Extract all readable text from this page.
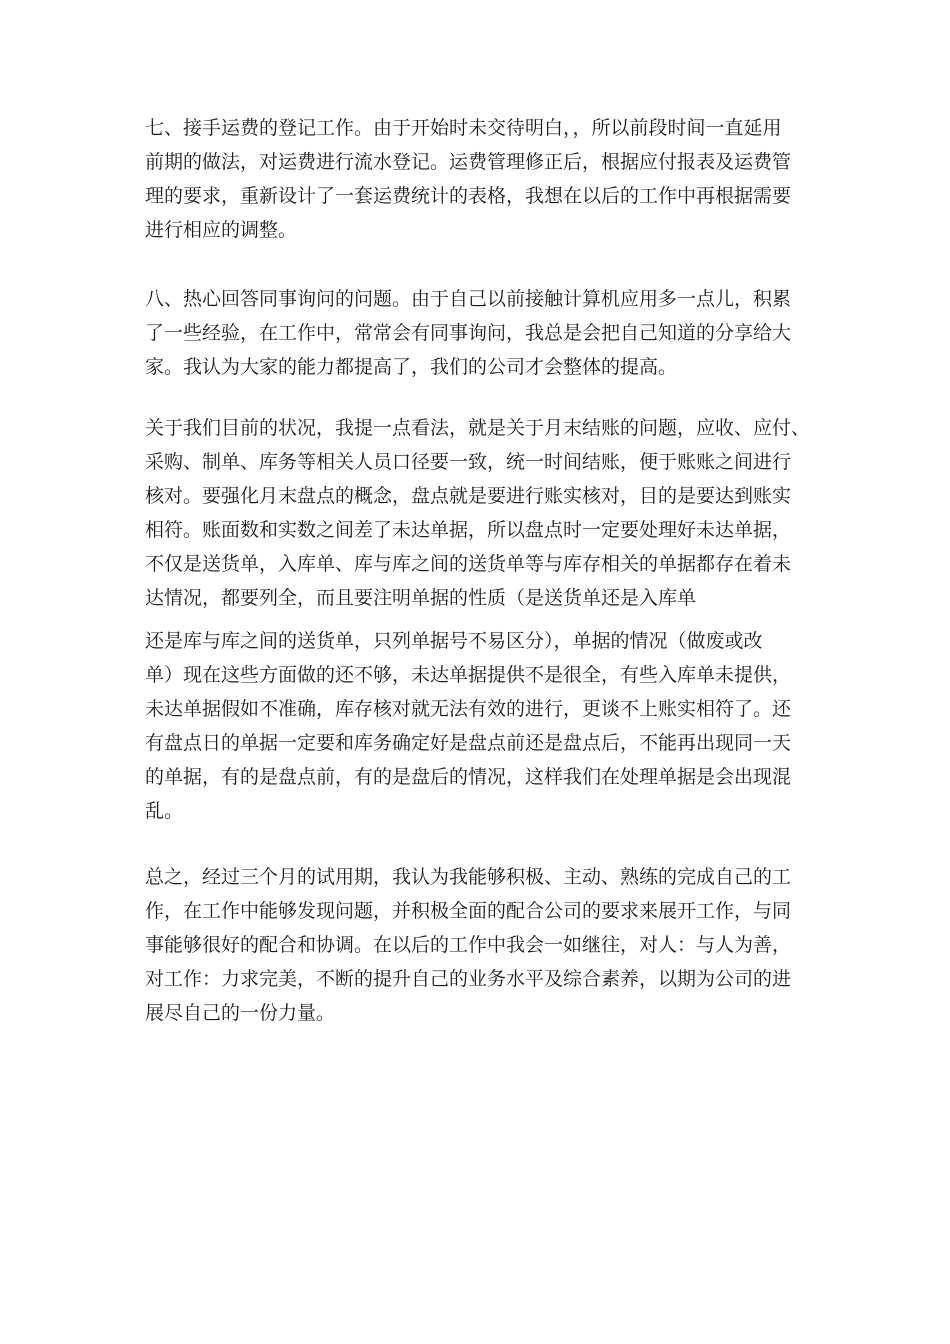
七、接手运费的登记工作。由于开始时未交待明白，，所以前段时间一直延用
前期的做法，对运费进行流水登记。运费管理修正后，根据应付报表及运费管
理的要求，重新设计了一套运费统计的表格，我想在以后的工作中再根据需要
进行相应的调整。
八、热心回答同事询问的问题。由于自己以前接触计算机应用多一点儿，积累
了一些经验，在工作中，常常会有同事询问，我总是会把自己知道的分享给大
家。我认为大家的能力都提高了，我们的公司才会整体的提高。
关于我们目前的状况，我提一点看法，就是关于月末结账的问题，应收、应付、
采购、制单、库务等相关人员口径要一致，统一时间结账，便于账账之间进行
核对。要强化月末盘点的概念，盘点就是要进行账实核对，目的是要达到账实
相符。账面数和实数之间差了未达单据，所以盘点时一定要处理好未达单据，
不仅是送货单，入库单、库与库之间的送货单等与库存相关的单据都存在着未
达情况，都要列全，而且要注明单据的性质（是送货单还是入库单
还是库与库之间的送货单，只列单据号不易区分），单据的情况（做废或改
单）现在这些方面做的还不够，未达单据提供不是很全，有些入库单未提供，
未达单据假如不准确，库存核对就无法有效的进行，更谈不上账实相符了。还
有盘点日的单据一定要和库务确定好是盘点前还是盘点后，不能再出现同一天
的单据，有的是盘点前，有的是盘后的情况，这样我们在处理单据是会出现混
乱。
总之，经过三个月的试用期，我认为我能够积极、主动、熟练的完成自己的工
作，在工作中能够发现问题，并积极全面的配合公司的要求来展开工作，与同
事能够很好的配合和协调。在以后的工作中我会一如继往，对人：与人为善，
对工作：力求完美，不断的提升自己的业务水平及综合素养，以期为公司的进
展尽自己的一份力量。
